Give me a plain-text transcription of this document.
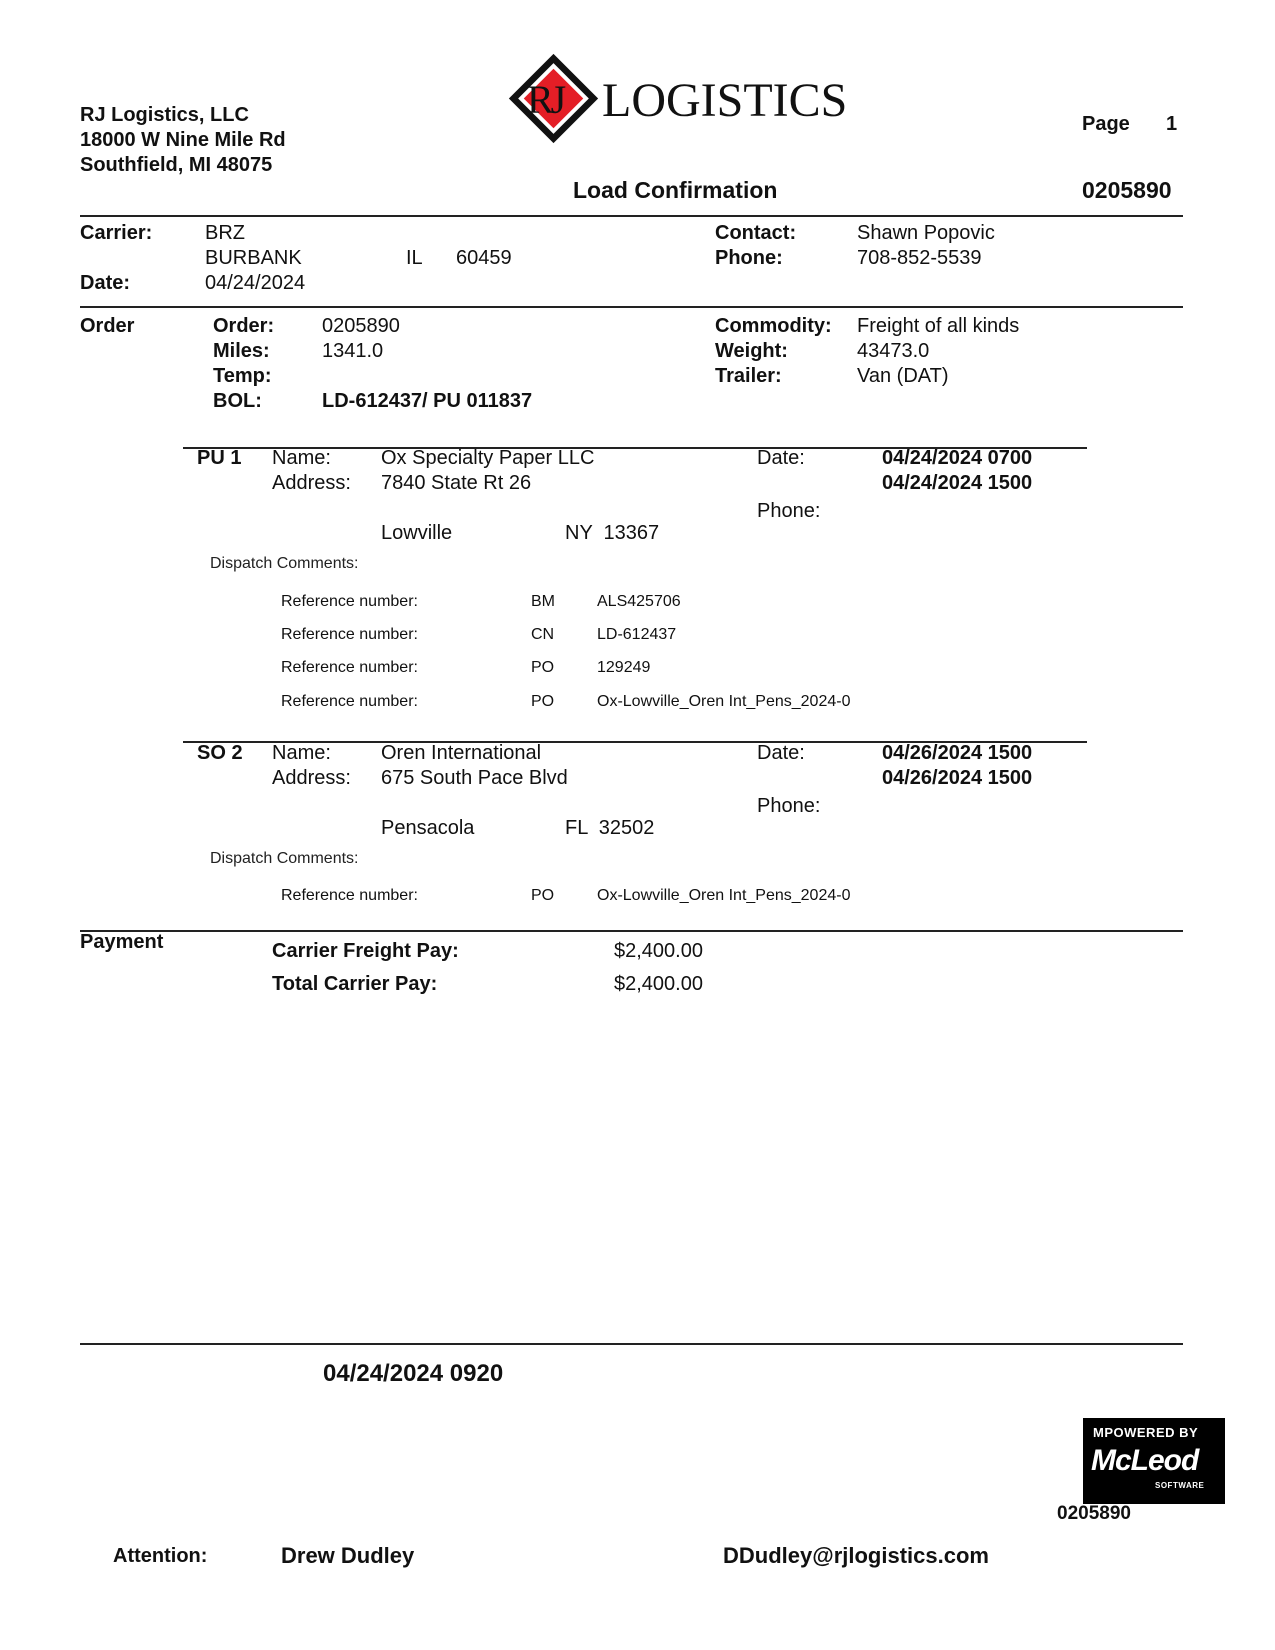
RJ Logistics, LLC
18000 W Nine Mile Rd
Southfield, MI 48075
RJ LOGISTICS	Page 1
Load Confirmation	0205890
Carrier:	BRZ
BURBANK	IL 60459
Date:	04/24/2024
Contact:	Shawn Popovic
Phone:	708-852-5539
Order	Order: 0205890
Miles:	1341.0
Temp:
BOL:	LD-612437/ PU 011837
Commodity: Freight of all kinds
Weight:	43473.0
Trailer:	Van (DAT)
PU 1 Name:	Ox Specialty Paper LLC
Address: 7840 State Rt 26
Lowville	NY  13367
Date:	04/24/2024 0700
04/24/2024 1500
Phone:
Dispatch Comments:
Reference number:	BM	ALS425706
Reference number:	CN	LD-612437
Reference number:	PO	129249
Reference number:	PO	Ox-Lowville_Oren Int_Pens_2024-0
SO 2 Name:	Oren International
Address: 675 South Pace Blvd
Pensacola	FL  32502
Date:	04/26/2024 1500
04/26/2024 1500
Phone:
Dispatch Comments:
Reference number:	PO	Ox-Lowville_Oren Int_Pens_2024-0
Payment	Carrier Freight Pay:	$2,400.00
Total Carrier Pay:	$2,400.00
04/24/2024 0920
MPOWERED BY
McLeod
SOFTWARE
0205890
Attention:	Drew Dudley	DDudley@rjlogistics.com
